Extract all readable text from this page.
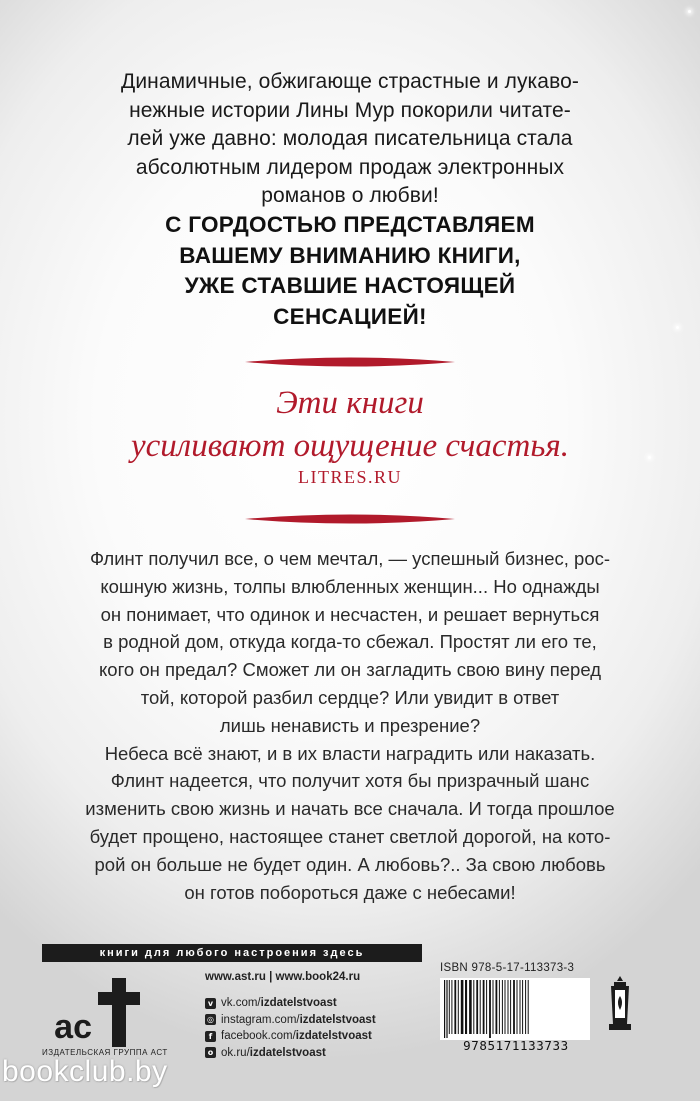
Динамичные, обжигающе страстные и лукаво-

нежные истории Лины Мур покорили читате-

лей уже давно: молодая писательница стала

абсолютным лидером продаж электронных

романов о любви!

С ГОРДОСТЬЮ ПРЕДСТАВЛЯЕМ

ВАШЕМУ ВНИМАНИЮ КНИГИ,

УЖЕ СТАВШИЕ НАСТОЯЩЕЙ

СЕНСАЦИЕЙ!

Эти книги

усиливают ощущение счастья.

LITRES.RU

Флинт получил все, о чем мечтал, — успешный бизнес, рос-

кошную жизнь, толпы влюбленных женщин... Но однажды

он понимает, что одинок и несчастен, и решает вернуться

в родной дом, откуда когда-то сбежал. Простят ли его те,

кого он предал? Сможет ли он загладить свою вину перед

той, которой разбил сердце? Или увидит в ответ

лишь ненависть и презрение?

Небеса всё знают, и в их власти наградить или наказать.

Флинт надеется, что получит хотя бы призрачный шанс

изменить свою жизнь и начать все сначала. И тогда прошлое

будет прощено, настоящее станет светлой дорогой, на кото-

рой он больше не будет один. А любовь?.. За свою любовь

он готов побороться даже с небесами!

книги для любого настроения здесь
ас
ИЗДАТЕЛЬСКАЯ ГРУППА АСТ
www.ast.ru | www.book24.ru
v vk.com/ izdatelstvoast
◎ instagram.com/ izdatelstvoast
f facebook.com/ izdatelstvoast
o ok.ru/ izdatelstvoast
ISBN 978-5-17-113373-3
9785171133733
bookclub.by
